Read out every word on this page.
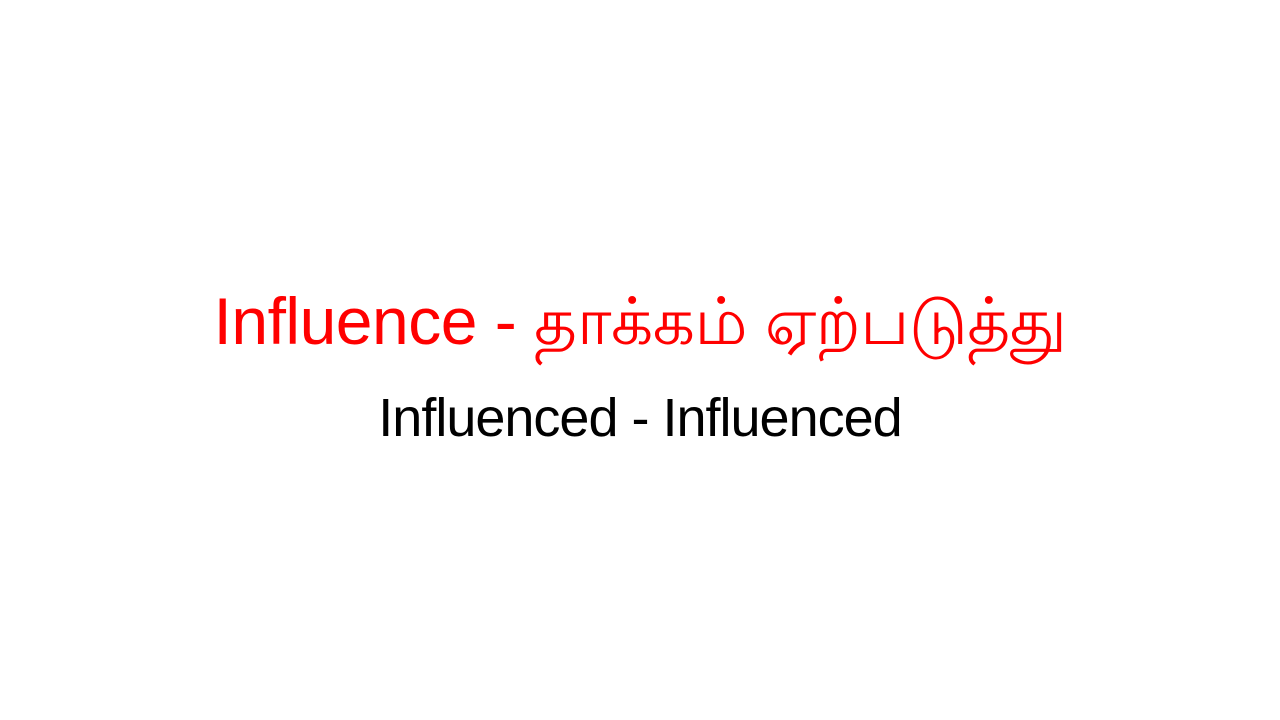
Influence - தாக்கம் ஏற்படுத்து
Influenced - Influenced
